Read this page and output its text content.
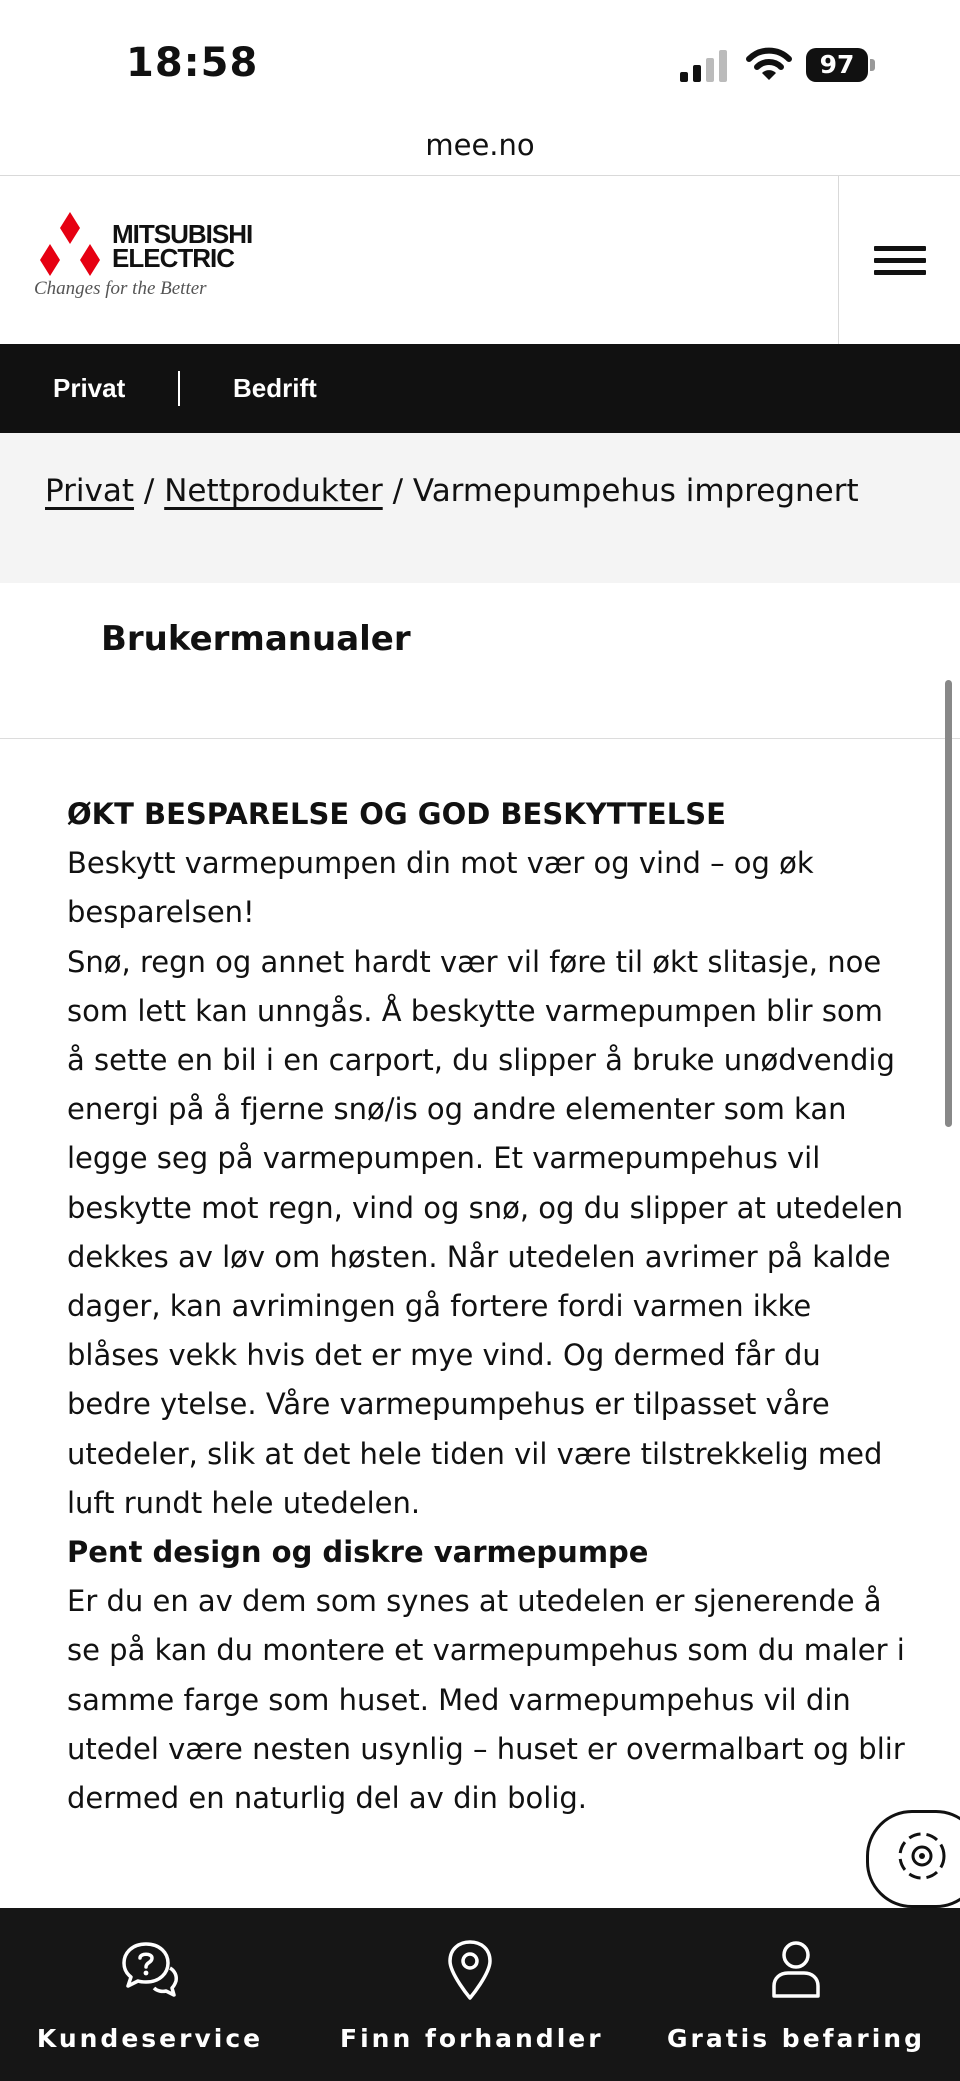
18:58	97
mee.no
MITSUBISHI
ELECTRIC
Changes for the Better
Privat	Bedrift
Privat / Nettprodukter / Varmepumpehus impregnert
Brukermanualer

ØKT BESPARELSE OG GOD BESKYTTELSE

Beskytt varmepumpen din mot vær og vind – og øk besparelsen!

Snø, regn og annet hardt vær vil føre til økt slitasje, noe som lett kan unngås. Å beskytte varmepumpen blir som å sette en bil i en carport, du slipper å bruke unødvendig energi på å fjerne snø/is og andre elementer som kan legge seg på varmepumpen. Et varmepumpehus vil beskytte mot regn, vind og snø, og du slipper at utedelen dekkes av løv om høsten. Når utedelen avrimer på kalde dager, kan avrimingen gå fortere fordi varmen ikke blåses vekk hvis det er mye vind. Og dermed får du bedre ytelse. Våre varmepumpehus er tilpasset våre utedeler, slik at det hele tiden vil være tilstrekkelig med luft rundt hele utedelen.

Pent design og diskre varmepumpe

Er du en av dem som synes at utedelen er sjenerende å se på kan du montere et varmepumpehus som du maler i samme farge som huset. Med varmepumpehus vil din utedel være nesten usynlig – huset er overmalbart og blir dermed en naturlig del av din bolig.

Kundeservice	Finn forhandler	Gratis befaring
